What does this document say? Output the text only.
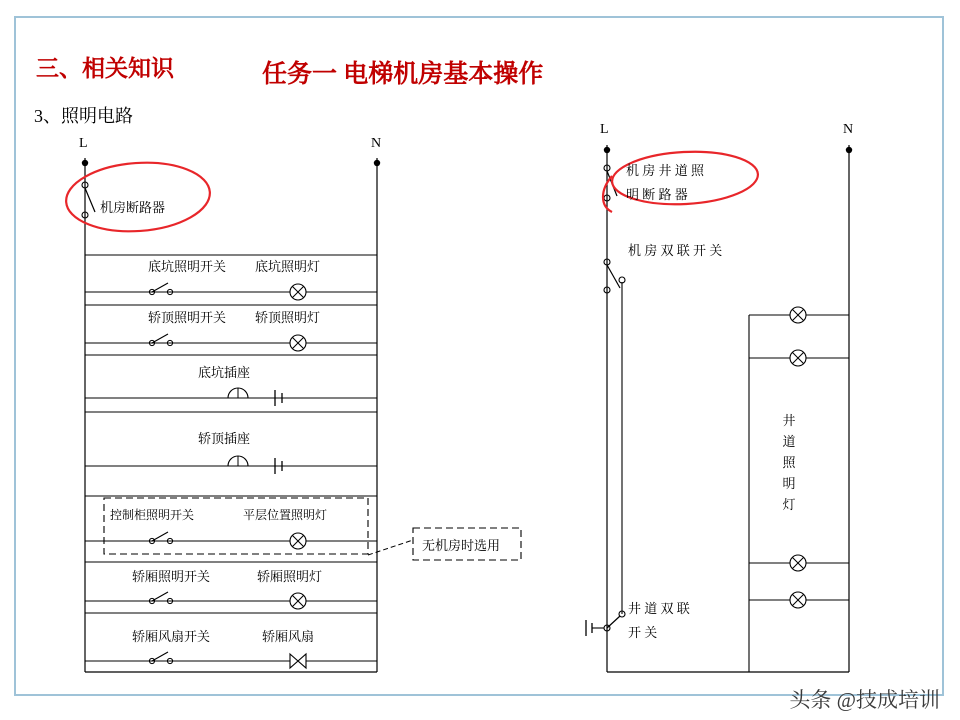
三、相关知识	任务一 电梯机房基本操作
3、照明电路
L	N
机房断路器
底坑照明开关 底坑照明灯
轿顶照明开关 轿顶照明灯
底坑插座
轿顶插座
控制柜照明开关	平层位置照明灯
轿厢照明开关	轿厢照明灯
轿厢风扇开关	轿厢风扇
无机房时选用
L	N
机 房 井 道 照
明 断 路 器
机 房 双 联 开 关
井 道 双 联
开 关
井
道
照
明
灯
头条 @技成培训
